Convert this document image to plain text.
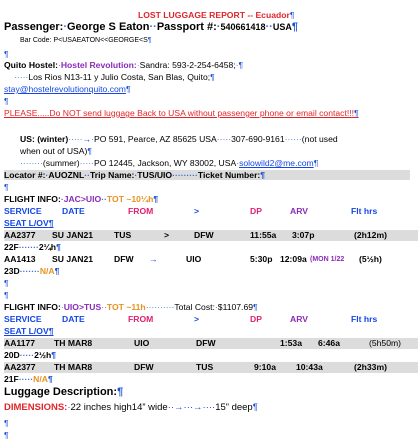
LOST LUGGAGE REPORT -- Ecuador¶
Passenger:·George S Eaton··Passport #:·540661418··USA¶
Bar Code: P<USAEATON<<GEORGE<S¶
¶
Quito Hostel:·Hostel Revolution:·Sandra: 593-2-254-6458;·¶
·····Los Rios N13-11 y Julio Costa, San Blas, Quito;¶
stay@hostelrevolutionquito.com¶
¶
PLEASE.....Do NOT send luggage Back to USA without passenger phone or email contact!!!¶
US: (winter)·····→·PO 591, Pearce, AZ 85625 USA·····307-690-9161······(not used
when out of USA)¶
········(summer)·····PO 12445, Jackson, WY 83002, USA·solowild2@me.com¶
Locator #:·AUOZNL··Trip Name:·TUS/UIO·········Ticket Number:¶
¶
FLIGHT INFO:·JAC>UIO··TOT ~10¼h¶
SERVICE DATE	FROM	>	DP	ARV	Flt hrs
SEAT L/OV¶
AA2377 SU JAN21 TUS	>	DFW	11:55a 3:07p	(2h12m)
22F·······2¼h¶
AA1413 SU JAN21 DFW →	UIO	5:30p 12:09a (MON 1/22 (5½h)
23D·······N/A¶
¶
¶
FLIGHT INFO:·UIO>TUS··TOT ~11h··········Total Cost:·$1107.69¶
SERVICE DATE	FROM	>	DP	ARV	Flt hrs
SEAT L/OV¶
AA1177 TH MAR8	UIO	DFW	1:53a 6:46a	(5h50m)
20D·····2½h¶
AA2377 TH MAR8	DFW	TUS	9:10a 10:43a	(2h33m)
21F·····N/A¶
Luggage Description:¶
DIMENSIONS:·22 inches high14” wide··→···→····15” deep¶
¶
¶
